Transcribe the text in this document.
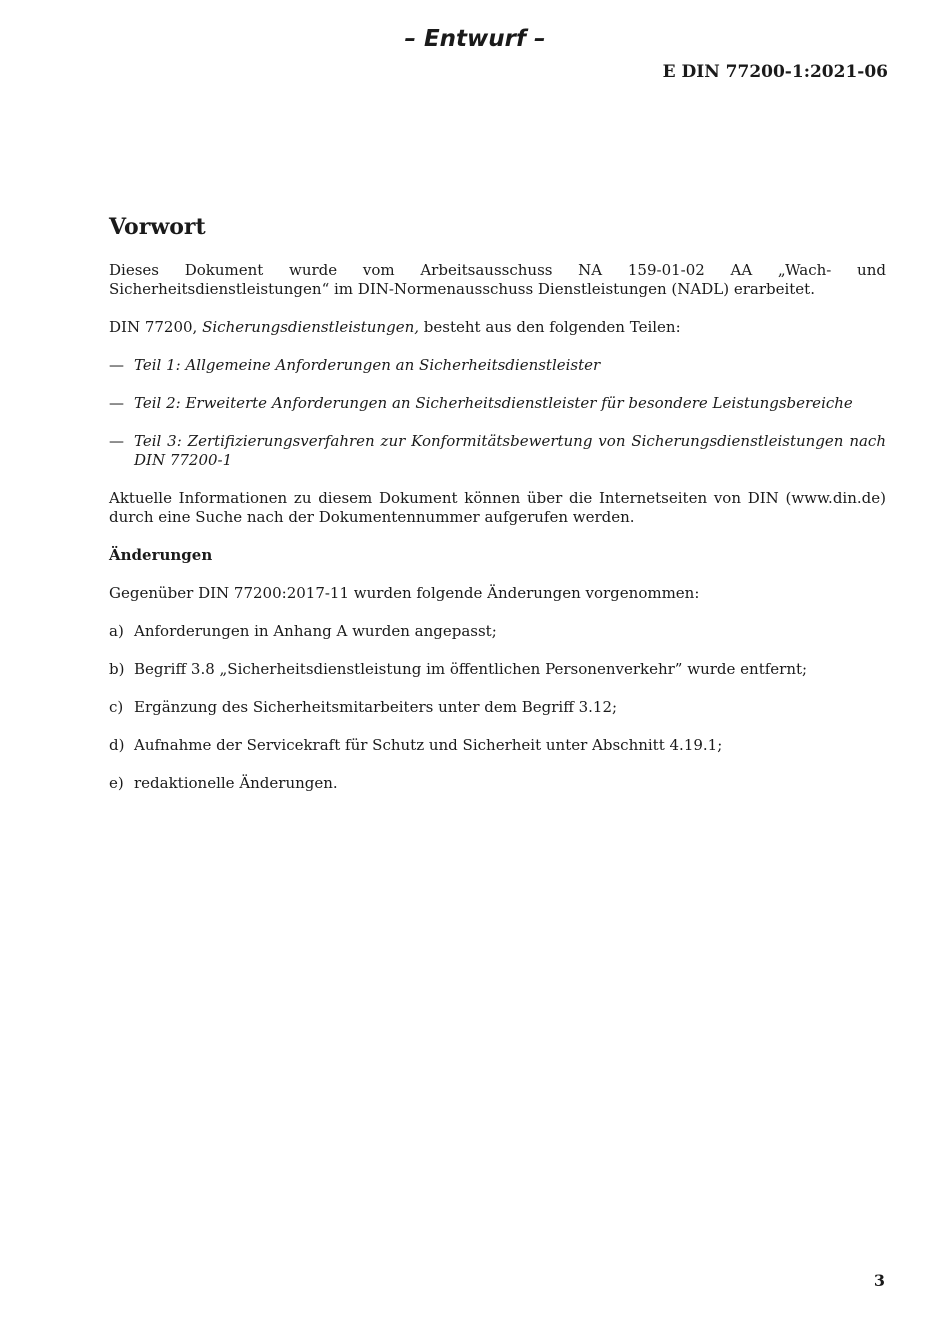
– Entwurf –
E DIN 77200-1:2021-06
Vorwort

Dieses Dokument wurde vom Arbeitsausschuss NA 159-01-02 AA „Wach- und Sicherheitsdienstleistungen“ im DIN-Normenausschuss Dienstleistungen (NADL) erarbeitet.

DIN 77200, Sicherungsdienstleistungen, besteht aus den folgenden Teilen:

— Teil 1: Allgemeine Anforderungen an Sicherheitsdienstleister
— Teil 2: Erweiterte Anforderungen an Sicherheitsdienstleister für besondere Leistungsbereiche
— Teil 3: Zertifizierungsverfahren zur Konformitätsbewertung von Sicherungsdienstleistungen nach
DIN 77200-1

Aktuelle Informationen zu diesem Dokument können über die Internetseiten von DIN (www.din.de) durch eine Suche nach der Dokumentennummer aufgerufen werden.

Änderungen

Gegenüber DIN 77200:2017-11 wurden folgende Änderungen vorgenommen:

a) Anforderungen in Anhang A wurden angepasst;
b) Begriff 3.8 „Sicherheitsdienstleistung im öffentlichen Personenverkehr” wurde entfernt;
c) Ergänzung des Sicherheitsmitarbeiters unter dem Begriff 3.12;
d) Aufnahme der Servicekraft für Schutz und Sicherheit unter Abschnitt 4.19.1;
e) redaktionelle Änderungen.
3
